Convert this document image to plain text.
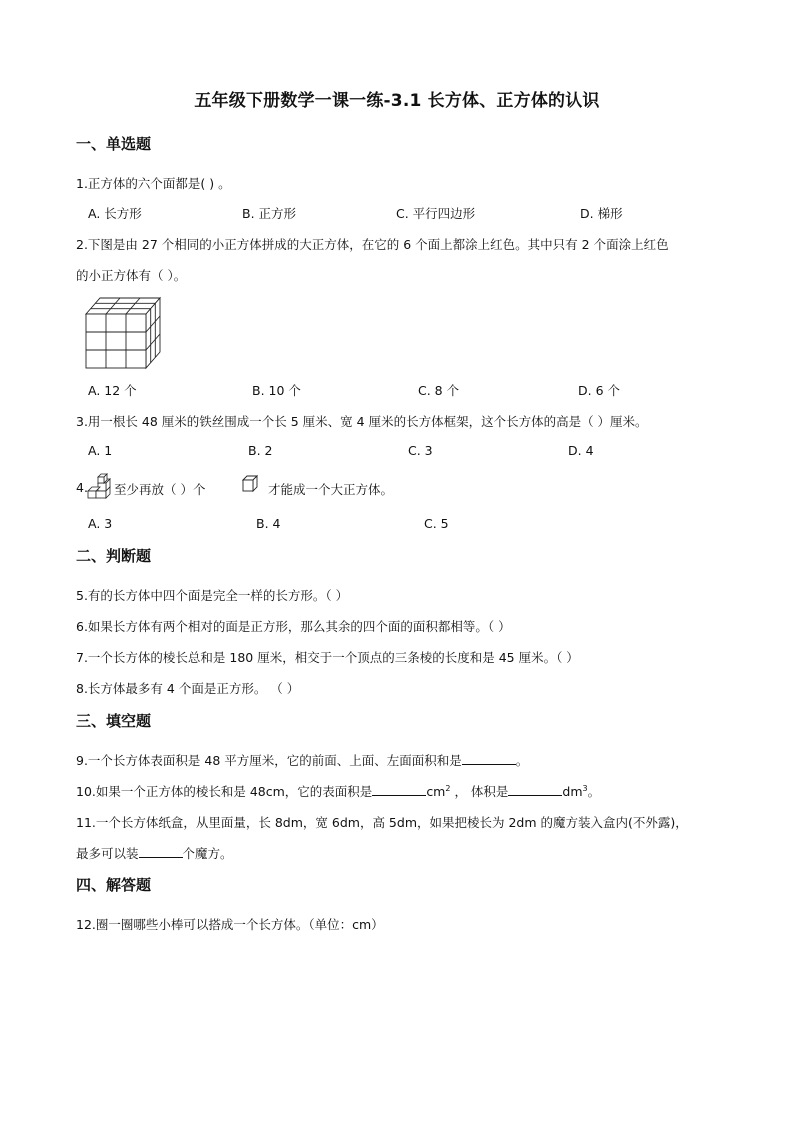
五年级下册数学一课一练-3.1 长方体、正方体的认识
一、单选题
1.正方体的六个面都是( ) 。
A. 长方形	B. 正方形	C. 平行四边形	D. 梯形
2.下图是由 27 个相同的小正方体拼成的大正方体，在它的 6 个面上都涂上红色。其中只有 2 个面涂上红色
的小正方体有（ ）。
A. 12 个	B. 10 个	C. 8 个	D. 6 个
3.用一根长 48 厘米的铁丝围成一个长 5 厘米、宽 4 厘米的长方体框架，这个长方体的高是（ ）厘米。
A. 1	B. 2	C. 3	D. 4
4. 至少再放（ ）个	才能成一个大正方体。
A. 3	B. 4	C. 5
二、判断题
5.有的长方体中四个面是完全一样的长方形。（ ）
6.如果长方体有两个相对的面是正方形，那么其余的四个面的面积都相等。（ ）
7.一个长方体的棱长总和是 180 厘米，相交于一个顶点的三条棱的长度和是 45 厘米。（ ）
8.长方体最多有 4 个面是正方形。 （ ）
三、填空题
9.一个长方体表面积是 48 平方厘米，它的前面、上面、左面面积和是	。
10.如果一个正方体的棱长和是 48cm，它的表面积是	$cm^2$ ， 体积是	$dm^3$。
11.一个长方体纸盒，从里面量，长 8dm，宽 6dm，高 5dm，如果把棱长为 2dm 的魔方装入盒内(不外露)，
最多可以装	个魔方。
四、解答题
12.圈一圈哪些小棒可以搭成一个长方体。（单位：cm）
